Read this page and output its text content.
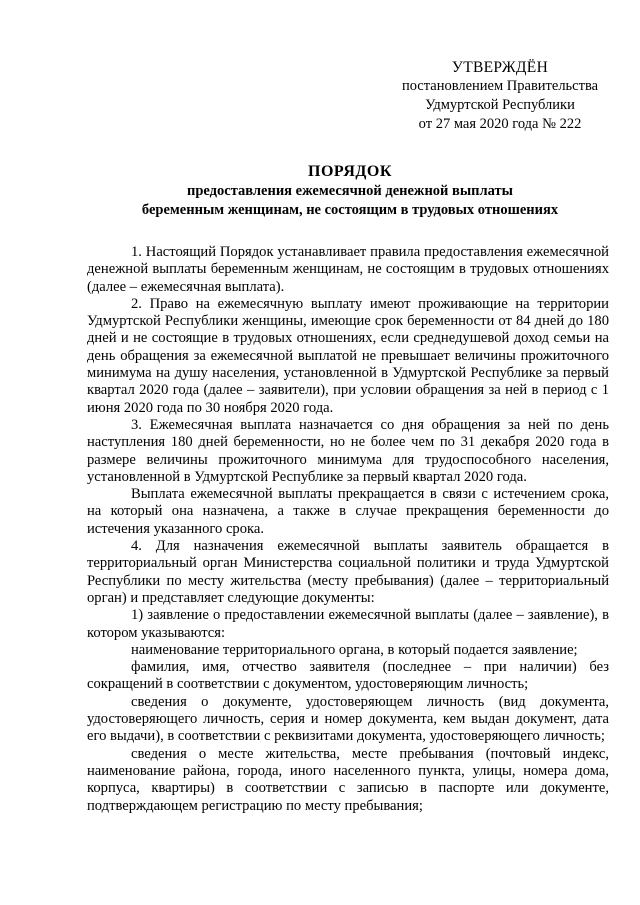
УТВЕРЖДЁН
постановлением Правительства
Удмуртской Республики
от 27 мая 2020 года № 222
ПОРЯДОК
предоставления ежемесячной денежной выплаты
беременным женщинам, не состоящим в трудовых отношениях

1. Настоящий Порядок устанавливает правила предоставления ежемесячной денежной выплаты беременным женщинам, не состоящим в трудовых отношениях (далее – ежемесячная выплата).

2. Право на ежемесячную выплату имеют проживающие на территории Удмуртской Республики женщины, имеющие срок беременности от 84 дней до 180 дней и не состоящие в трудовых отношениях, если среднедушевой доход семьи на день обращения за ежемесячной выплатой не превышает величины прожиточного минимума на душу населения, установленной в Удмуртской Республике за первый квартал 2020 года (далее – заявители), при условии обращения за ней в период с 1 июня 2020 года по 30 ноября 2020 года.

3. Ежемесячная выплата назначается со дня обращения за ней по день наступления 180 дней беременности, но не более чем по 31 декабря 2020 года в размере величины прожиточного минимума для трудоспособного населения, установленной в Удмуртской Республике за первый квартал 2020 года.

Выплата ежемесячной выплаты прекращается в связи с истечением срока, на который она назначена, а также в случае прекращения беременности до истечения указанного срока.

4. Для назначения ежемесячной выплаты заявитель обращается в территориальный орган Министерства социальной политики и труда Удмуртской Республики по месту жительства (месту пребывания) (далее – территориальный орган) и представляет следующие документы:

1) заявление о предоставлении ежемесячной выплаты (далее – заявление), в котором указываются:

наименование территориального органа, в который подается заявление;

фамилия, имя, отчество заявителя (последнее – при наличии) без сокращений в соответствии с документом, удостоверяющим личность;

сведения о документе, удостоверяющем личность (вид документа, удостоверяющего личность, серия и номер документа, кем выдан документ, дата его выдачи), в соответствии с реквизитами документа, удостоверяющего личность;

сведения о месте жительства, месте пребывания (почтовый индекс, наименование района, города, иного населенного пункта, улицы, номера дома, корпуса, квартиры) в соответствии с записью в паспорте или документе, подтверждающем регистрацию по месту пребывания;
